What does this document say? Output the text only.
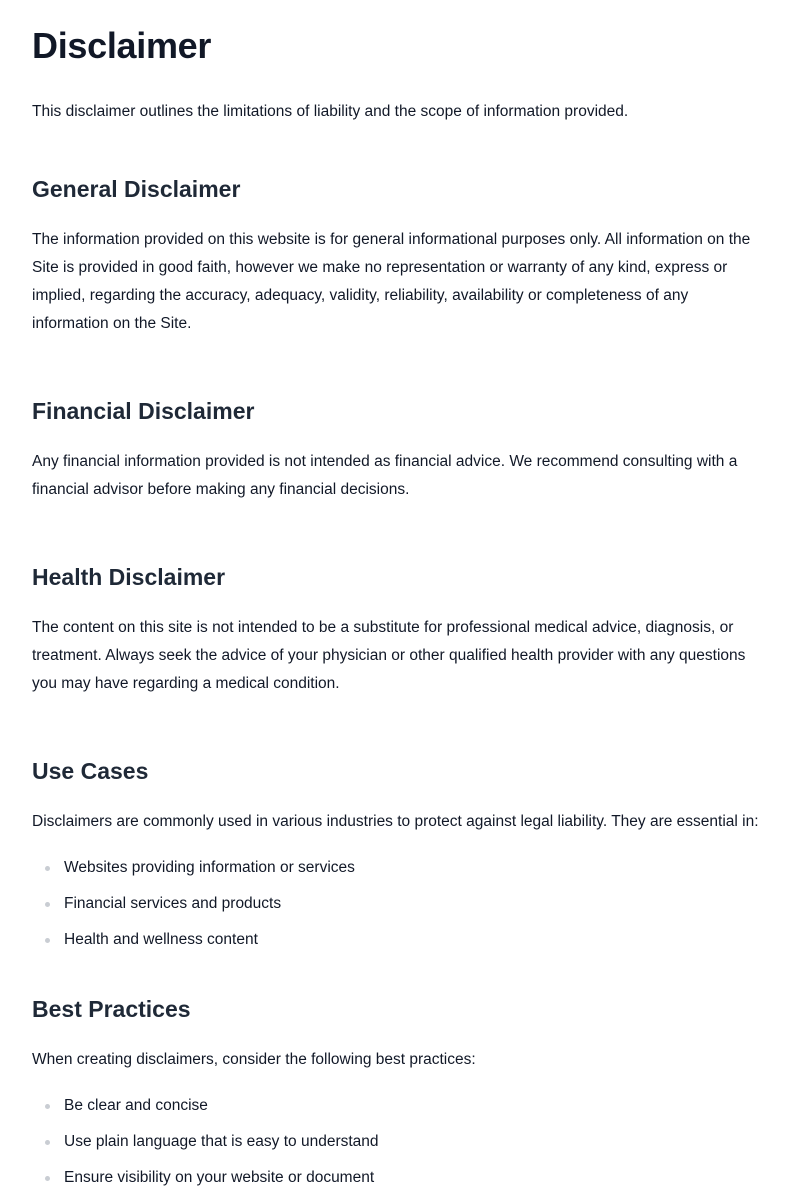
Disclaimer

This disclaimer outlines the limitations of liability and the scope of information provided.

General Disclaimer

The information provided on this website is for general informational purposes only. All information on the Site is provided in good faith, however we make no representation or warranty of any kind, express or implied, regarding the accuracy, adequacy, validity, reliability, availability or completeness of any information on the Site.

Financial Disclaimer

Any financial information provided is not intended as financial advice. We recommend consulting with a financial advisor before making any financial decisions.

Health Disclaimer

The content on this site is not intended to be a substitute for professional medical advice, diagnosis, or treatment. Always seek the advice of your physician or other qualified health provider with any questions you may have regarding a medical condition.

Use Cases

Disclaimers are commonly used in various industries to protect against legal liability. They are essential in:

Websites providing information or services
Financial services and products
Health and wellness content
Best Practices

When creating disclaimers, consider the following best practices:

Be clear and concise
Use plain language that is easy to understand
Ensure visibility on your website or document
